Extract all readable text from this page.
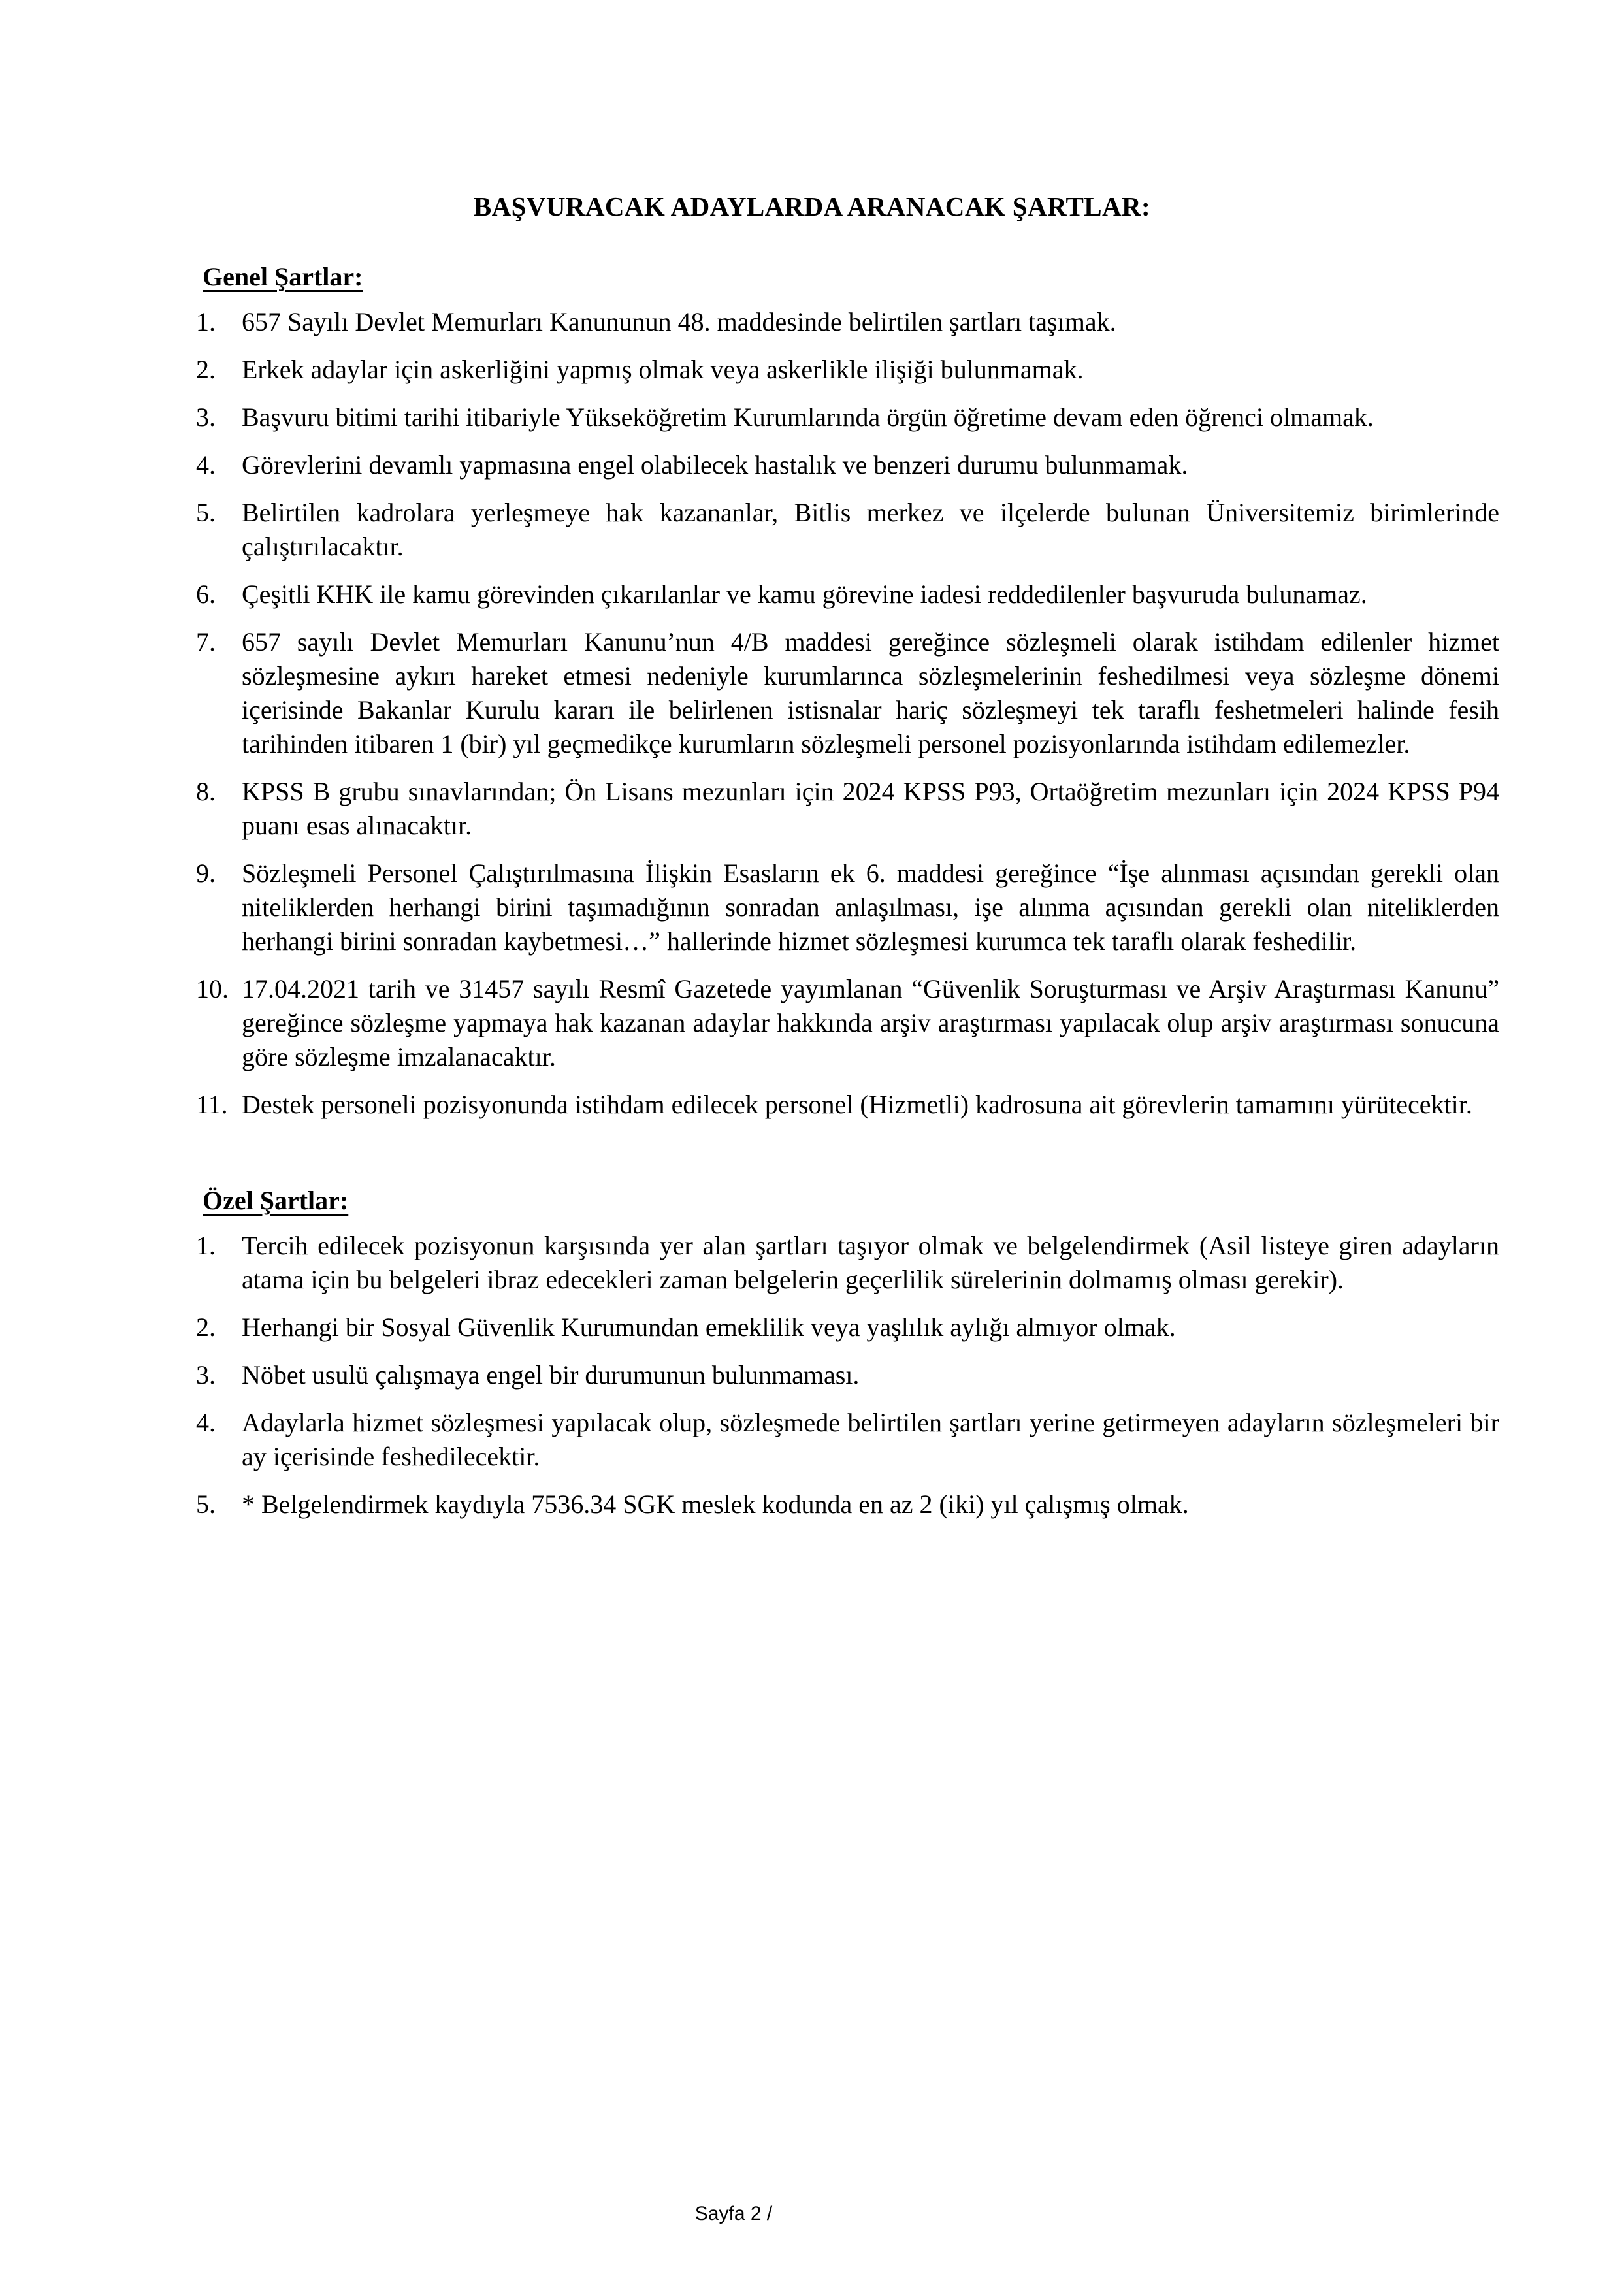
BAŞVURACAK ADAYLARDA ARANACAK ŞARTLAR:
Genel Şartlar:
1.	657 Sayılı Devlet Memurları Kanununun 48. maddesinde belirtilen şartları taşımak.
2.	Erkek adaylar için askerliğini yapmış olmak veya askerlikle ilişiği bulunmamak.
3.	Başvuru bitimi tarihi itibariyle Yükseköğretim Kurumlarında örgün öğretime devam eden öğrenci olmamak.
4.	Görevlerini devamlı yapmasına engel olabilecek hastalık ve benzeri durumu bulunmamak.
5.	Belirtilen kadrolara yerleşmeye hak kazananlar, Bitlis merkez ve ilçelerde bulunan Üniversitemiz birimlerinde çalıştırılacaktır.
6.	Çeşitli KHK ile kamu görevinden çıkarılanlar ve kamu görevine iadesi reddedilenler başvuruda bulunamaz.
7.	657 sayılı Devlet Memurları Kanunu’nun 4/B maddesi gereğince sözleşmeli olarak istihdam edilenler hizmet sözleşmesine aykırı hareket etmesi nedeniyle kurumlarınca sözleşmelerinin feshedilmesi veya sözleşme dönemi içerisinde Bakanlar Kurulu kararı ile belirlenen istisnalar hariç sözleşmeyi tek taraflı feshetmeleri halinde fesih tarihinden itibaren 1 (bir) yıl geçmedikçe kurumların sözleşmeli personel pozisyonlarında istihdam edilemezler.
8.	KPSS B grubu sınavlarından; Ön Lisans mezunları için 2024 KPSS P93, Ortaöğretim mezunları için 2024 KPSS P94 puanı esas alınacaktır.
9.	Sözleşmeli Personel Çalıştırılmasına İlişkin Esasların ek 6. maddesi gereğince “İşe alınması açısından gerekli olan niteliklerden herhangi birini taşımadığının sonradan anlaşılması, işe alınma açısından gerekli olan niteliklerden herhangi birini sonradan kaybetmesi…” hallerinde hizmet sözleşmesi kurumca tek taraflı olarak feshedilir.
10. 17.04.2021 tarih ve 31457 sayılı Resmî Gazetede yayımlanan “Güvenlik Soruşturması ve Arşiv Araştırması Kanunu” gereğince sözleşme yapmaya hak kazanan adaylar hakkında arşiv araştırması yapılacak olup arşiv araştırması sonucuna göre sözleşme imzalanacaktır.
11. Destek personeli pozisyonunda istihdam edilecek personel (Hizmetli) kadrosuna ait görevlerin tamamını yürütecektir.
Özel Şartlar:
1.	Tercih edilecek pozisyonun karşısında yer alan şartları taşıyor olmak ve belgelendirmek (Asil listeye giren adayların atama için bu belgeleri ibraz edecekleri zaman belgelerin geçerlilik sürelerinin dolmamış olması gerekir).
2.	Herhangi bir Sosyal Güvenlik Kurumundan emeklilik veya yaşlılık aylığı almıyor olmak.
3.	Nöbet usulü çalışmaya engel bir durumunun bulunmaması.
4.	Adaylarla hizmet sözleşmesi yapılacak olup, sözleşmede belirtilen şartları yerine getirmeyen adayların sözleşmeleri bir ay içerisinde feshedilecektir.
5.	* Belgelendirmek kaydıyla 7536.34 SGK meslek kodunda en az 2 (iki) yıl çalışmış olmak.
Sayfa 2 /
